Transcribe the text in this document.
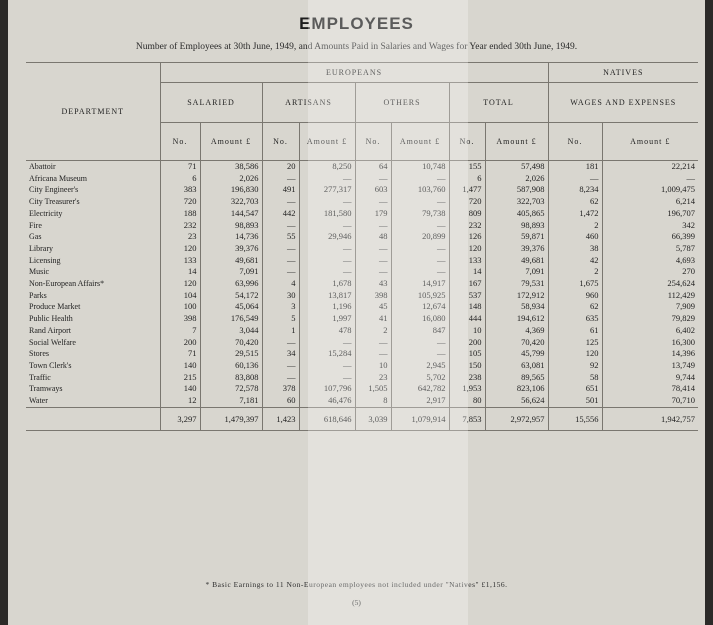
EMPLOYEES
Number of Employees at 30th June, 1949, and Amounts Paid in Salaries and Wages for Year ended 30th June, 1949.
DEPARTMENT	EUROPEANS								NATIVES	
	SALARIED		ARTISANS		OTHERS		TOTAL		WAGES AND EXPENSES	
	No.	Amount £	No.	Amount £	No.	Amount £	No.	Amount £	No.	Amount £
Abattoir	71	38,586	20	8,250	64	10,748	155	57,498	181	22,214
Africana Museum	6	2,026	—	—	—	—	6	2,026	—	—
City Engineer's	383	196,830	491	277,317	603	103,760	1,477	587,908	8,234	1,009,475
City Treasurer's	720	322,703	—	—	—	—	720	322,703	62	6,214
Electricity	188	144,547	442	181,580	179	79,738	809	405,865	1,472	196,707
Fire	232	98,893	—	—	—	—	232	98,893	2	342
Gas	23	14,736	55	29,946	48	20,899	126	59,871	460	66,399
Library	120	39,376	—	—	—	—	120	39,376	38	5,787
Licensing	133	49,681	—	—	—	—	133	49,681	42	4,693
Music	14	7,091	—	—	—	—	14	7,091	2	270
Non-European Affairs*	120	63,996	4	1,678	43	14,917	167	79,531	1,675	254,624
Parks	104	54,172	30	13,817	398	105,925	537	172,912	960	112,429
Produce Market	100	45,064	3	1,196	45	12,674	148	58,934	62	7,909
Public Health	398	176,549	5	1,997	41	16,080	444	194,612	635	79,829
Rand Airport	7	3,044	1	478	2	847	10	4,369	61	6,402
Social Welfare	200	70,420	—	—	—	—	200	70,420	125	16,300
Stores	71	29,515	34	15,284	—	—	105	45,799	120	14,396
Town Clerk's	140	60,136	—	—	10	2,945	150	63,081	92	13,749
Traffic	215	83,808	—	—	23	5,702	238	89,565	58	9,744
Tramways	140	72,578	378	107,796	1,505	642,782	1,953	823,106	651	78,414
Water	12	7,181	60	46,476	8	2,917	80	56,624	501	70,710
	3,297	1,479,397	1,423	618,646	3,039	1,079,914	7,853	2,972,957	15,556	1,942,757
* Basic Earnings to 11 Non-European employees not included under "Natives" £1,156.
(5)
